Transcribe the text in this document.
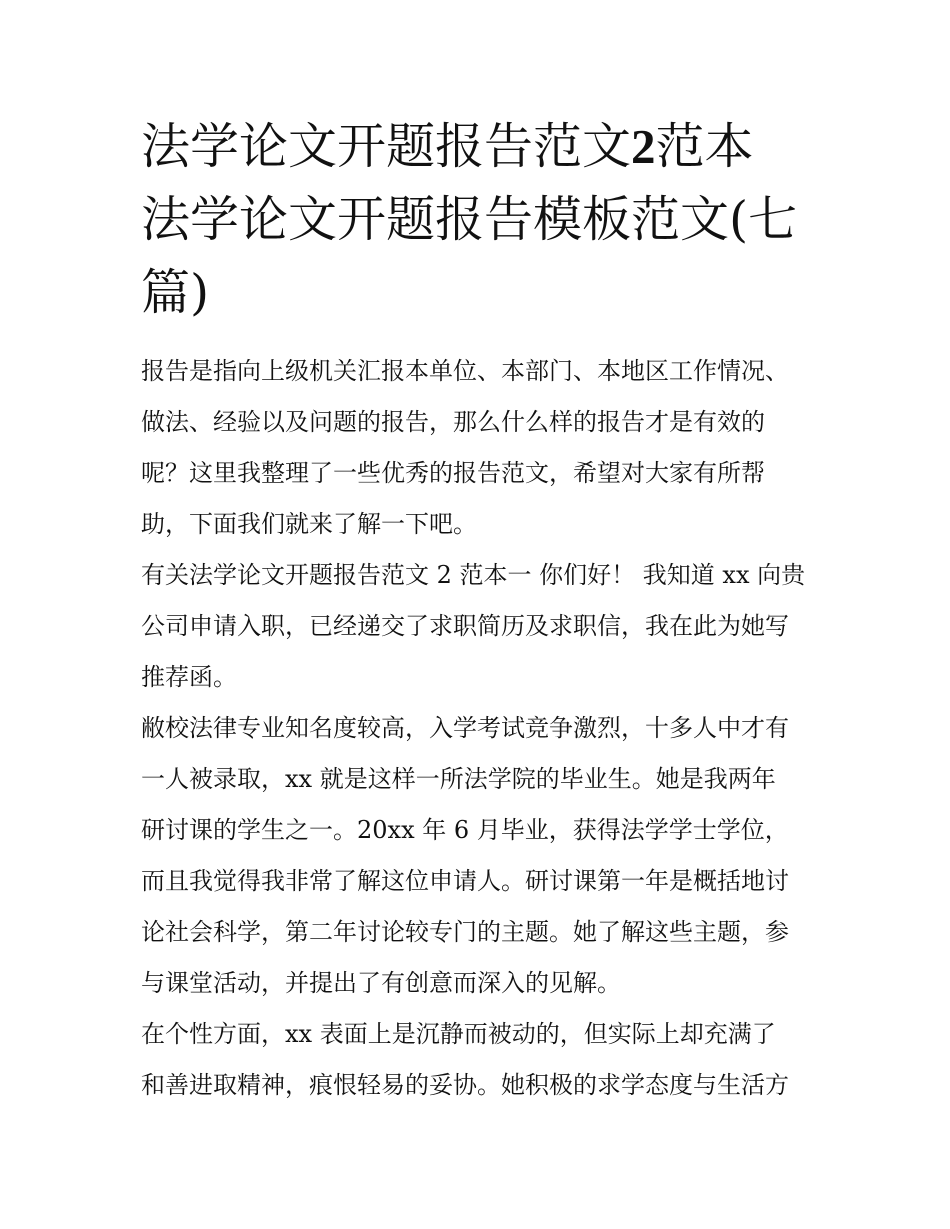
法学论文开题报告范文2范本
法学论文开题报告模板范文(七
篇)

报告是指向上级机关汇报本单位、本部门、本地区工作情况、
做法、经验以及问题的报告，那么什么样的报告才是有效的
呢？这里我整理了一些优秀的报告范文，希望对大家有所帮
助，下面我们就来了解一下吧。

有关法学论文开题报告范文 2 范本一 你们好！ 我知道 xx 向贵
公司申请入职，已经递交了求职简历及求职信，我在此为她写
推荐函。

敝校法律专业知名度较高，入学考试竞争激烈，十多人中才有
一人被录取，xx 就是这样一所法学院的毕业生。她是我两年
研讨课的学生之一。20xx 年 6 月毕业，获得法学学士学位，
而且我觉得我非常了解这位申请人。研讨课第一年是概括地讨
论社会科学，第二年讨论较专门的主题。她了解这些主题，参
与课堂活动，并提出了有创意而深入的见解。

在个性方面，xx 表面上是沉静而被动的，但实际上却充满了
和善进取精神，痕恨轻易的妥协。她积极的求学态度与生活方
